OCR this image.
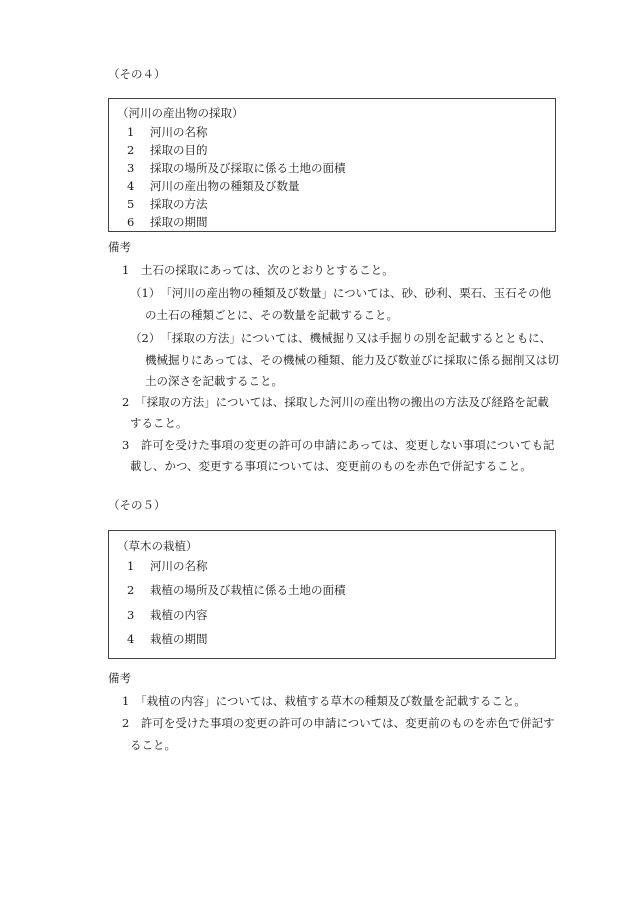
（その４）
（河川の産出物の採取）
1 河川の名称
2 採取の目的
3 採取の場所及び採取に係る土地の面積
4 河川の産出物の種類及び数量
5 採取の方法
6 採取の期間
備考
1　土石の採取にあっては、次のとおりとすること。
（1）　「河川の産出物の種類及び数量」については、砂、砂利、栗石、玉石その他
の土石の種類ごとに、その数量を記載すること。
（2）　「採取の方法」については、機械掘り又は手掘りの別を記載するとともに、
機械掘りにあっては、その機械の種類、能力及び数並びに採取に係る掘削又は切
土の深さを記載すること。
2　「採取の方法」については、採取した河川の産出物の搬出の方法及び経路を記載
すること。
3　許可を受けた事項の変更の許可の申請にあっては、変更しない事項についても記
載し、かつ、変更する事項については、変更前のものを赤色で併記すること。
（その５）
（草木の栽植）
1 河川の名称
2 栽植の場所及び栽植に係る土地の面積
3 栽植の内容
4 栽植の期間
備考
1　「栽植の内容」については、栽植する草木の種類及び数量を記載すること。
2　許可を受けた事項の変更の許可の申請については、変更前のものを赤色で併記す
ること。
